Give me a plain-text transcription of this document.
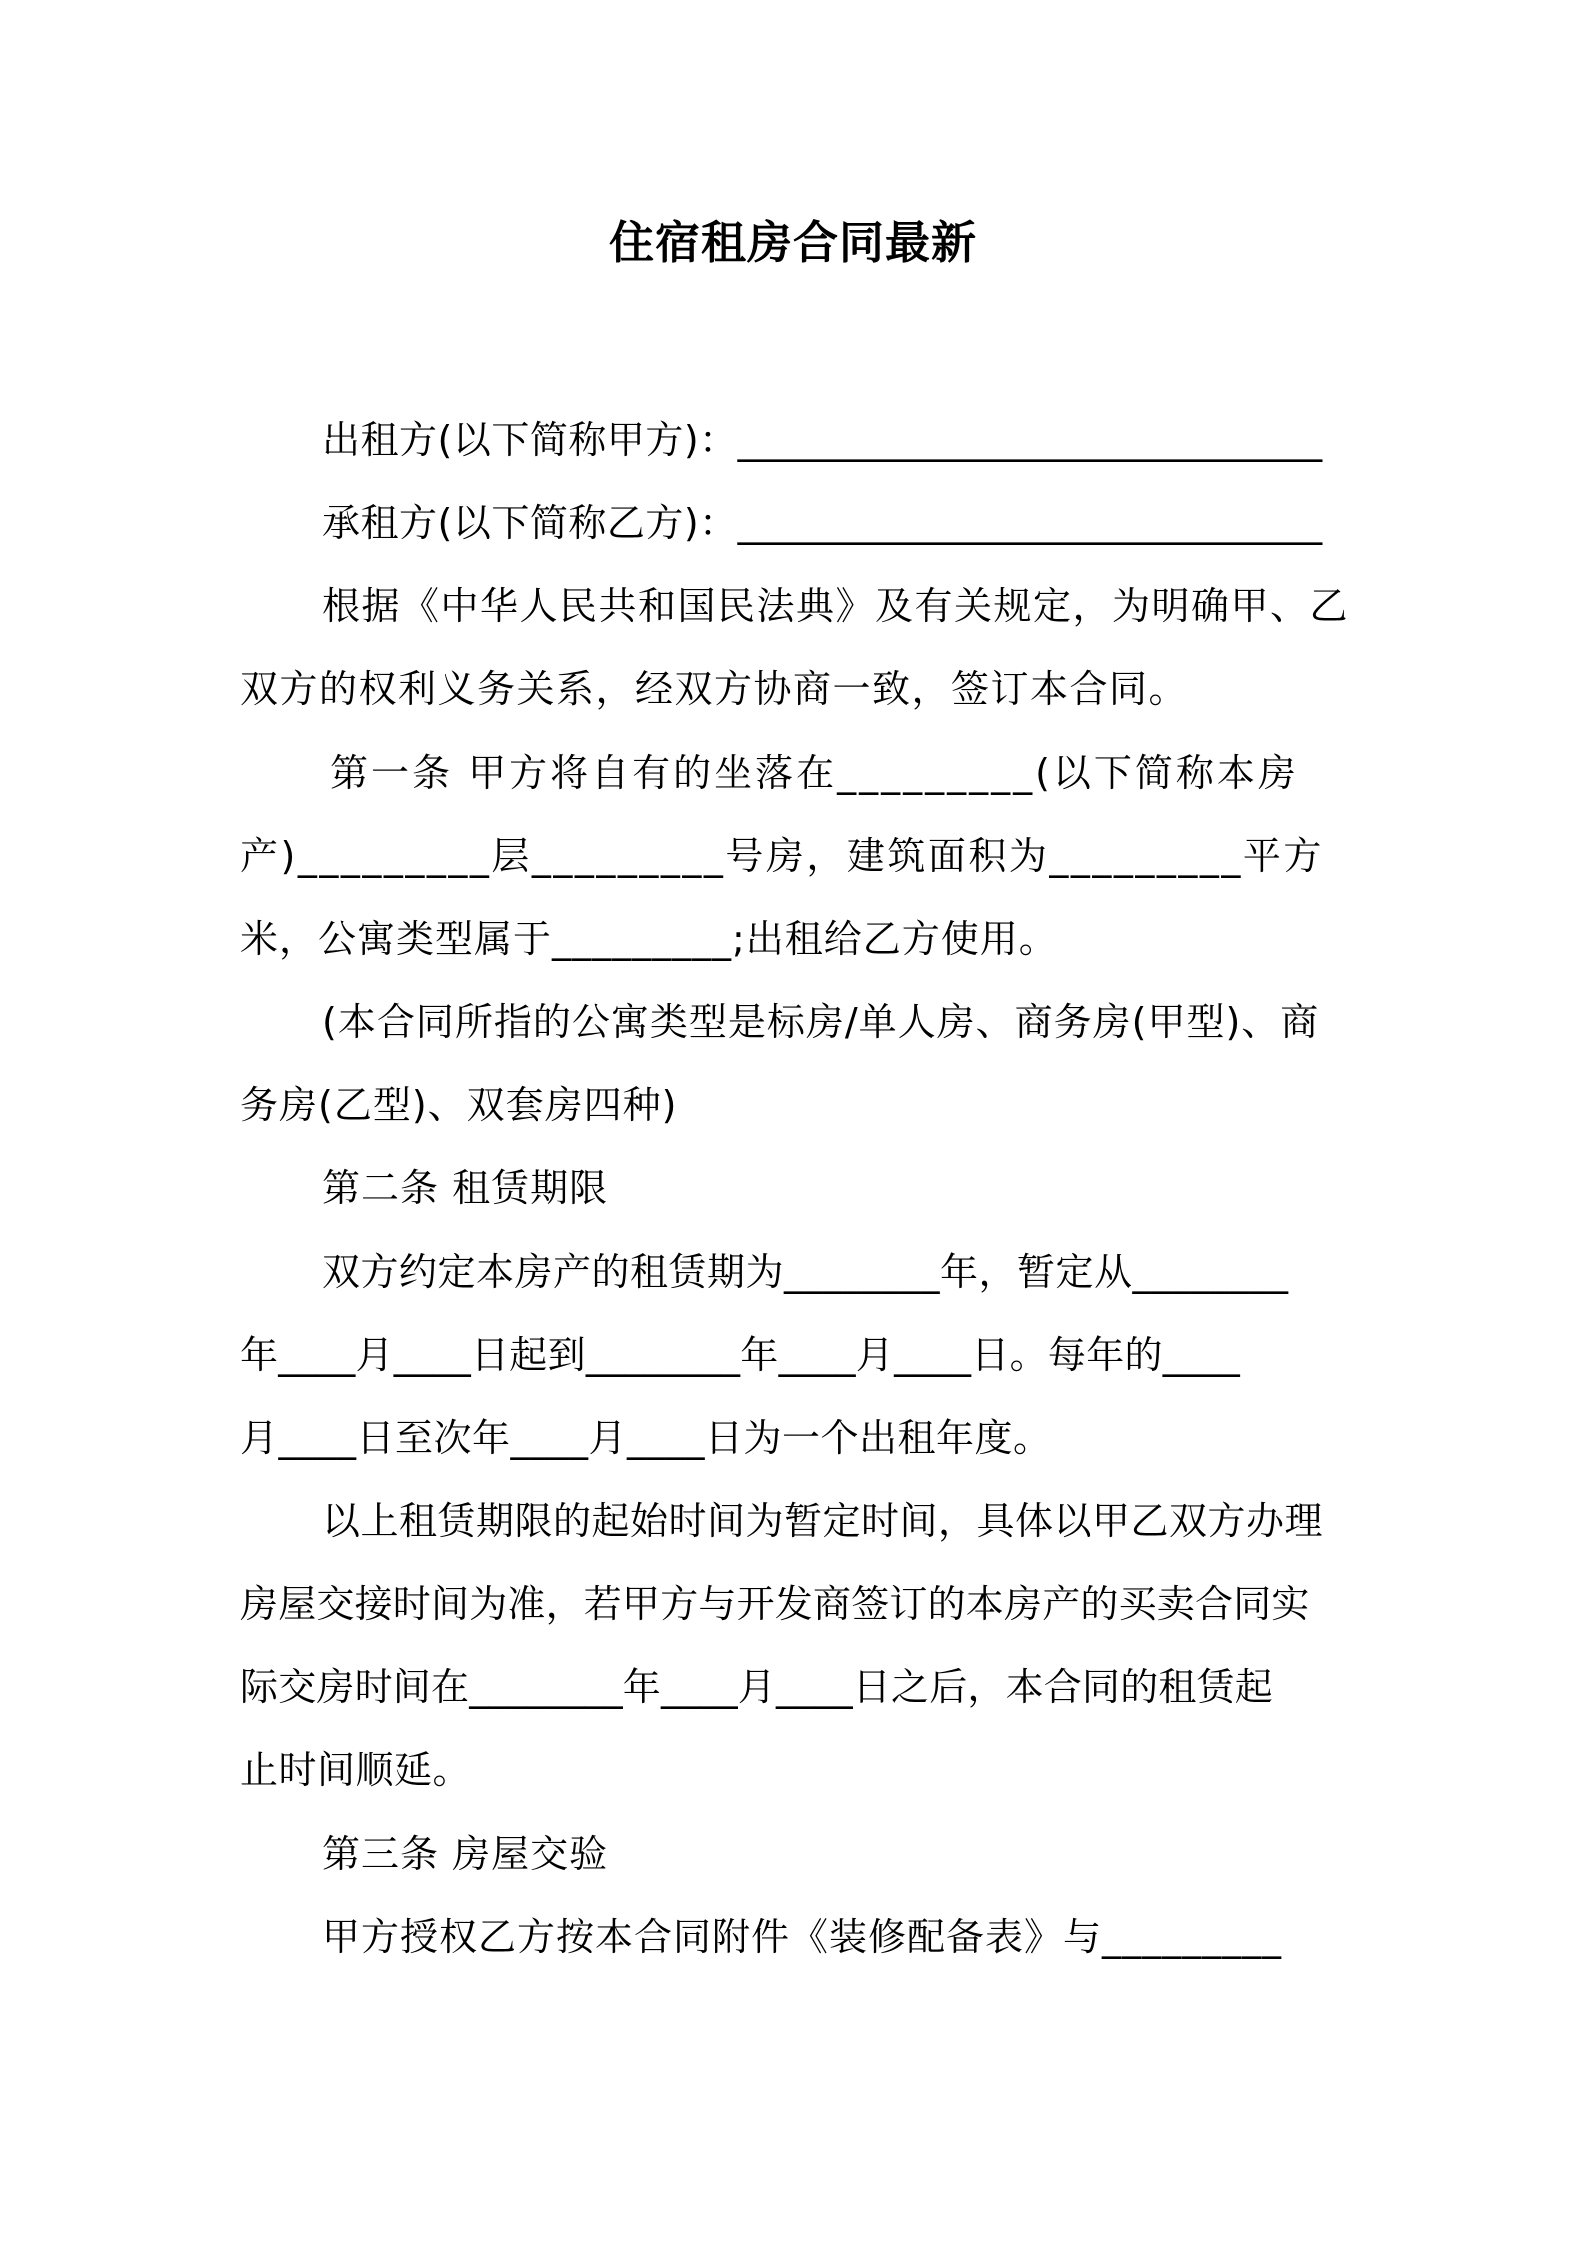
住宿租房合同最新
出租方(以下简称甲方)：______________________________
承租方(以下简称乙方)：______________________________
根据《中华人民共和国民法典》及有关规定，为明确甲、乙
双方的权利义务关系，经双方协商一致，签订本合同。
第一条 甲方将自有的坐落在_________(以下简称本房
产)_________层_________号房，建筑面积为_________平方
米，公寓类型属于_________;出租给乙方使用。
(本合同所指的公寓类型是标房/单人房、商务房(甲型)、商
务房(乙型)、双套房四种)
第二条 租赁期限
双方约定本房产的租赁期为________年，暂定从________
年____月____日起到________年____月____日。每年的____
月____日至次年____月____日为一个出租年度。
以上租赁期限的起始时间为暂定时间，具体以甲乙双方办理
房屋交接时间为准，若甲方与开发商签订的本房产的买卖合同实
际交房时间在________年____月____日之后，本合同的租赁起
止时间顺延。
第三条 房屋交验
甲方授权乙方按本合同附件《装修配备表》与_________
